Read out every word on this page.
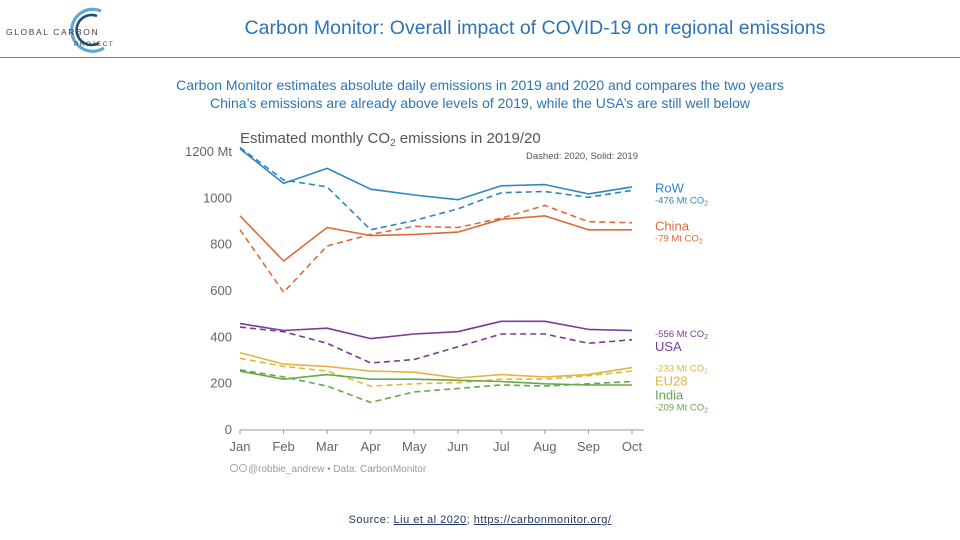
GLOBAL CARBON
PROJECT
Carbon Monitor: Overall impact of COVID-19 on regional emissions
Carbon Monitor estimates absolute daily emissions in 2019 and 2020 and compares the two years
China’s emissions are already above levels of 2019, while the USA’s are still well below
Estimated monthly $CO_2$ emissions in 2019/20
Dashed: 2020, Solid: 2019
0
200
400
600
800
1000
1200 Mt
Jan Feb Mar Apr May Jun Jul Aug Sep Oct
RoW
-476 Mt $CO_2$
China
-79 Mt $CO_2$
USA
-556 Mt $CO_2$
EU28
-233 Mt $CO_2$
India
-209 Mt $CO_2$
@robbie_andrew • Data: CarbonMonitor
Source: Liu et al 2020; https://carbonmonitor.org/
